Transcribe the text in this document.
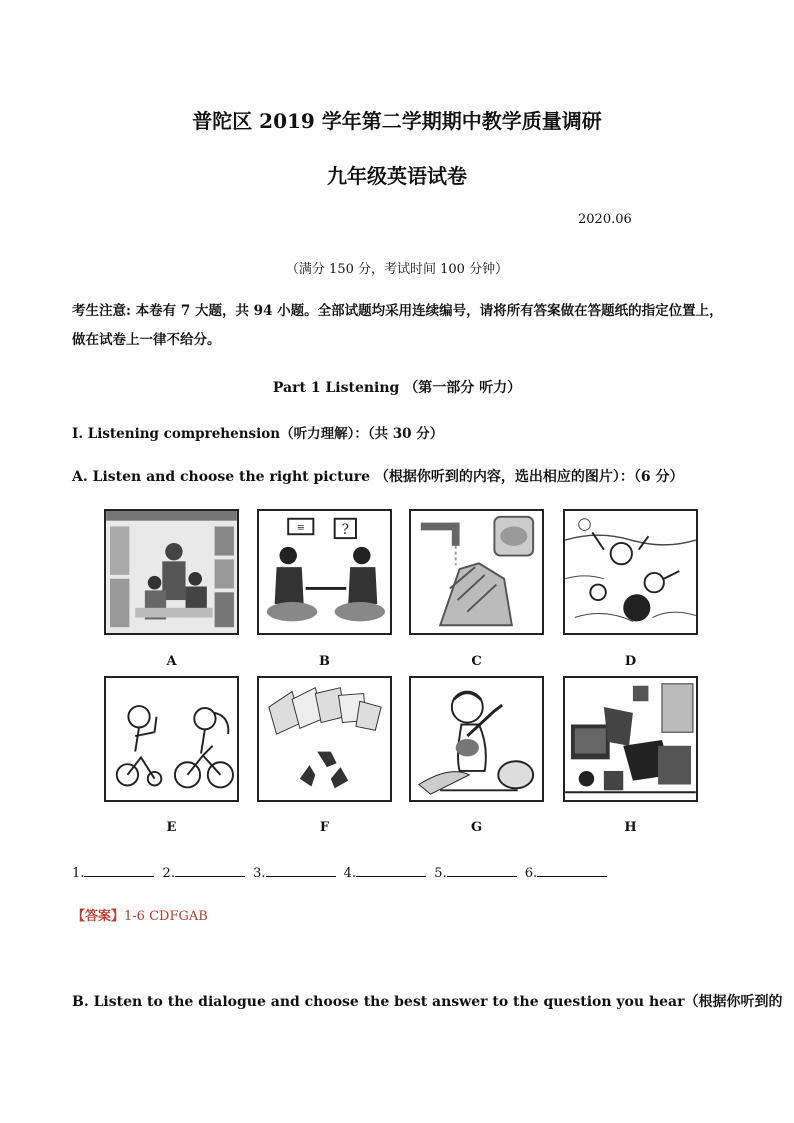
普陀区 2019 学年第二学期期中教学质量调研
九年级英语试卷
2020.06
（满分 150 分，考试时间 100 分钟）
考生注意: 本卷有 7 大题，共 94 小题。全部试题均采用连续编号，请将所有答案做在答题纸的指定位置上，做在试卷上一律不给分。
Part 1 Listening （第一部分 听力）
I. Listening comprehension（听力理解）：（共 30 分）
A. Listen and choose the right picture （根据你听到的内容，选出相应的图片）：（6 分）
A
≡	?
B	C	D
E	F	G	H
1.	2.	3.	4.	5.	6.
【答案】1-6 CDFGAB
B. Listen to the dialogue and choose the best answer to the question you hear（根据你听到的
